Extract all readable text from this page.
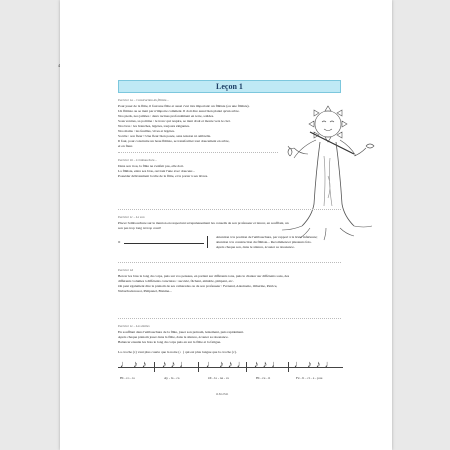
4
Leçon 1
Exercice 1a – Construction du flûtiste...
Pour jouer de la flûte, il faut une flûte et aussi c'est très important: un flûtiste (ou une flûtiste).
Un flûtiste ou se tient par n'importe comment. Il doit être aussi bien planté qu'un arbre.
Nos pieds, nos jambes : deux racines profondément en terre, solides.
Sous ventres, sa poitrine : le tronc qui respire, se tient droit et monte vers le ciel.
Nos bras : les branches, légères, toujours élégantes.
Nos mains : les feuilles, vives et légères.
Sa tête : son fleur ! Une fleur bien posée, sans tension ni ombrelle.
Il faut, pour construire un beau flûtiste, se transformer tout doucement en arbre,
et en fleur.
Exercice 1b – L'embouchure...
Dans son trou, la flûte ne s'enfuit pas, elle dort.
La flûtiste, entre ses bras, ouvrant l'une avec douceur...
Posséder délicatement la tête de la flûte, et la porter à ses lèvres.
Exercice 1c – Le son
Placer l'embouchure sur le menton en respectant scrupuleusement les conseils de son professeur et lancer, en soufflant, un
son pas trop long ni trop court!
»
Attention à la position de l'embouchure, par rapport à la lèvre inférieure;
attention à la construction du flûtiste... Recommencer plusieurs fois.
Après chaque son, dans le silence, écouter sa résonance.
Exercice 1d
Bercer les bras le long du corps, puis sur vos pensées, en parlant sur différents tons, puis le chanter sur différents sons, des
différents volumes à différents caractères : succulé, fâchant, aimable, pimpant, etc.
On peut également dire le prénom de ses camarades ou de son professeur : Fernand, Antoinette, Otherine, Patrice,
Nabuchodonosor, Pimpanel, Brésine...
Exercice 1e – Les étoiles
En soufflant dans l'embouchure de la flûte, jouer son prénom, lentement, puis rapidement.
Après chaque prénom jouer dans la flûte, dans le silence, écouter sa résonance.
Balancer ensuite les bras le long du corps puis en sur la flûte et la fatigue.
La croche (♪) vaut plus courte que la noire (♩) qui est plus longue que la croche (♪).
♩ ♪ ♪ ♪ ♪ ♩ ♩ ♪ ♪ ♩ ♪ ♪ ♩ ♩ ♪ ♪ ♩
Hi - ro - to	Ay - la - ca	Ol - la - na - ra	Hi - ru - ti	Fé - li - ci - a - pou
O.M.2341
